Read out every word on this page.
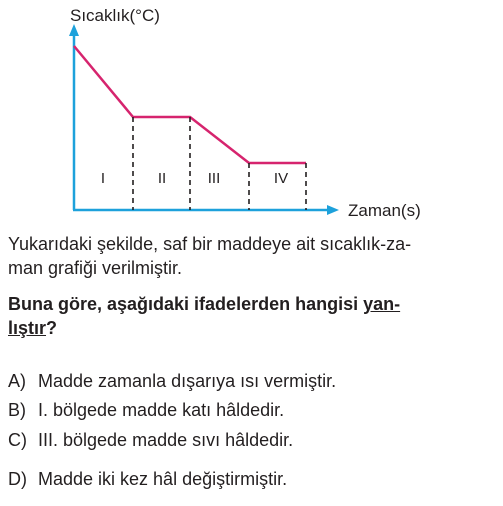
I	II	III	IV
Sıcaklık(°C)
Zaman(s)
Yukarıdaki şekilde, saf bir maddeye ait sıcaklık-za-
man grafiği verilmiştir.
Buna göre, aşağıdaki ifadelerden hangisi yan-
lıştır?
A) Madde zamanla dışarıya ısı vermiştir.
B) I. bölgede madde katı hâldedir.
C) III. bölgede madde sıvı hâldedir.
D) Madde iki kez hâl değiştirmiştir.
